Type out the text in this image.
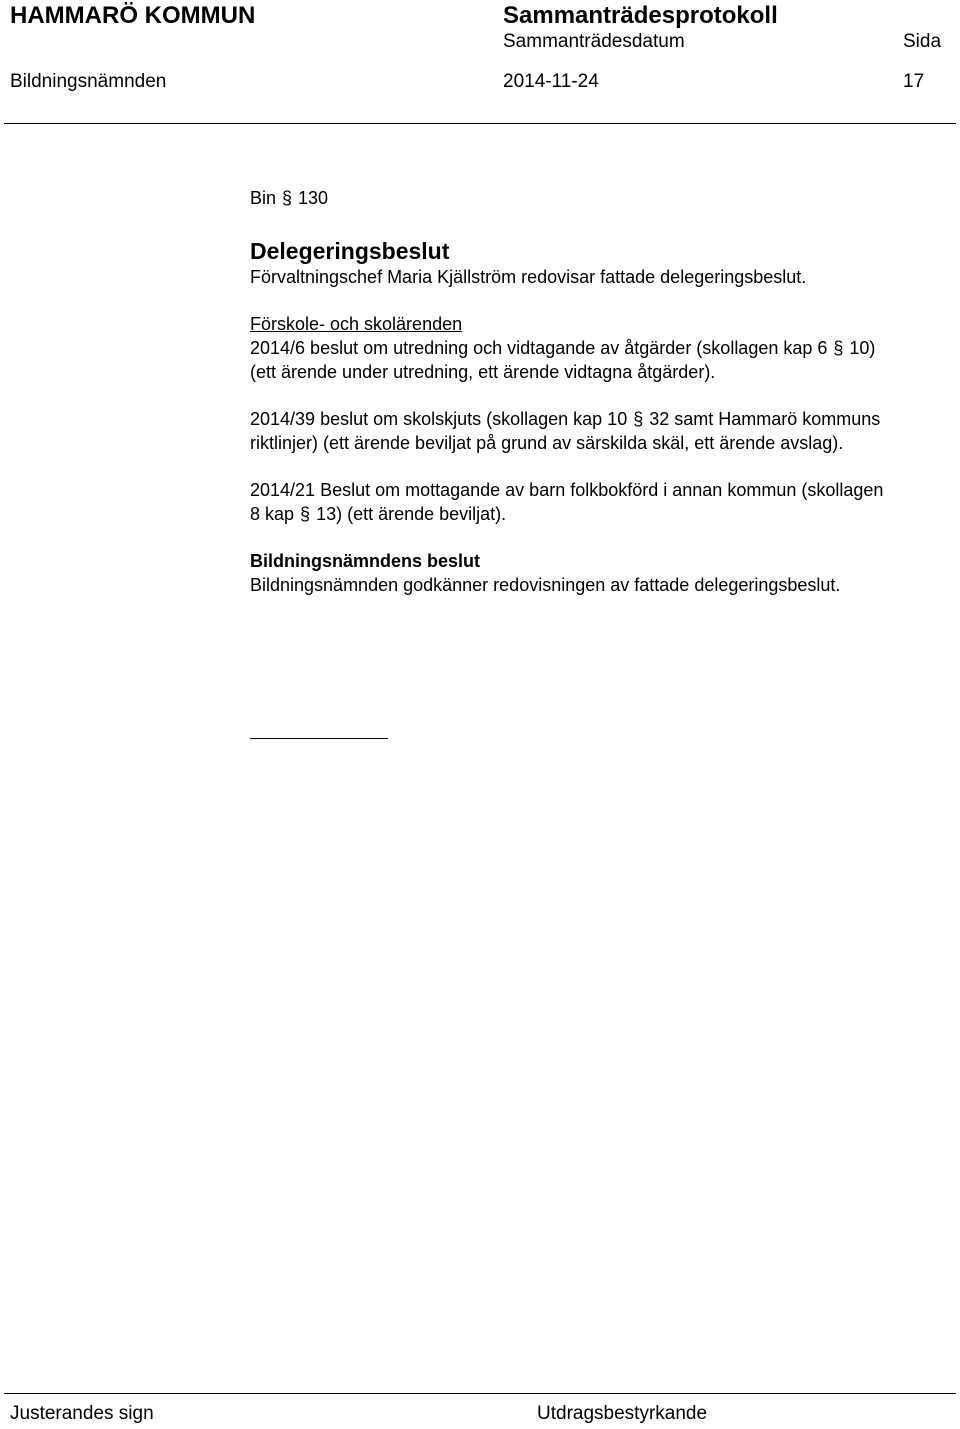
HAMMARÖ KOMMUN	Sammanträdesprotokoll
Sammanträdesdatum	Sida
Bildningsnämnden	2014-11-24	17

Bin § 130

Delegeringsbeslut

Förvaltningschef Maria Kjällström redovisar fattade delegeringsbeslut.

Förskole- och skolärenden

2014/6 beslut om utredning och vidtagande av åtgärder (skollagen kap 6 § 10) (ett ärende under utredning, ett ärende vidtagna åtgärder).

2014/39 beslut om skolskjuts (skollagen kap 10 § 32 samt Hammarö kommuns riktlinjer) (ett ärende beviljat på grund av särskilda skäl, ett ärende avslag).

2014/21 Beslut om mottagande av barn folkbokförd i annan kommun (skollagen 8 kap § 13) (ett ärende beviljat).

Bildningsnämndens beslut

Bildningsnämnden godkänner redovisningen av fattade delegeringsbeslut.

Justerandes sign	Utdragsbestyrkande
